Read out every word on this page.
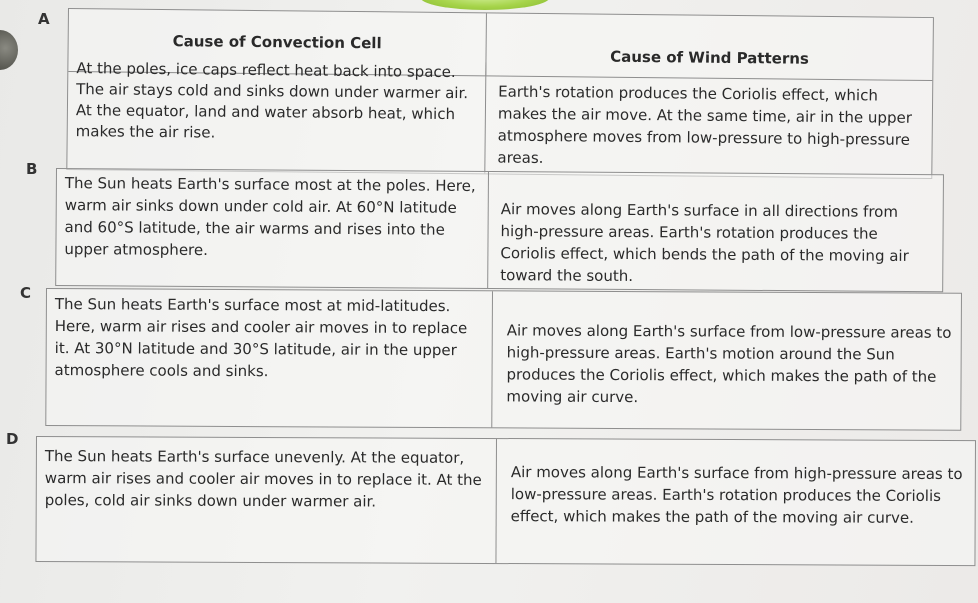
A
Cause of Convection Cell
Cause of Wind Patterns
At the poles, ice caps reflect heat back into space. The air stays cold and sinks down under warmer air. At the equator, land and water absorb heat, which makes the air rise.
Earth's rotation produces the Coriolis effect, which makes the air move. At the same time, air in the upper atmosphere moves from low-pressure to high-pressure areas.
B
The Sun heats Earth's surface most at the poles. Here, warm air sinks down under cold air. At 60°N latitude and 60°S latitude, the air warms and rises into the upper atmosphere.
Air moves along Earth's surface in all directions from high-pressure areas. Earth's rotation produces the Coriolis effect, which bends the path of the moving air toward the south.
C
The Sun heats Earth's surface most at mid-latitudes. Here, warm air rises and cooler air moves in to replace it. At 30°N latitude and 30°S latitude, air in the upper atmosphere cools and sinks.
Air moves along Earth's surface from low-pressure areas to high-pressure areas. Earth's motion around the Sun produces the Coriolis effect, which makes the path of the moving air curve.
D
The Sun heats Earth's surface unevenly. At the equator, warm air rises and cooler air moves in to replace it. At the poles, cold air sinks down under warmer air.
Air moves along Earth's surface from high-pressure areas to low-pressure areas. Earth's rotation produces the Coriolis effect, which makes the path of the moving air curve.
